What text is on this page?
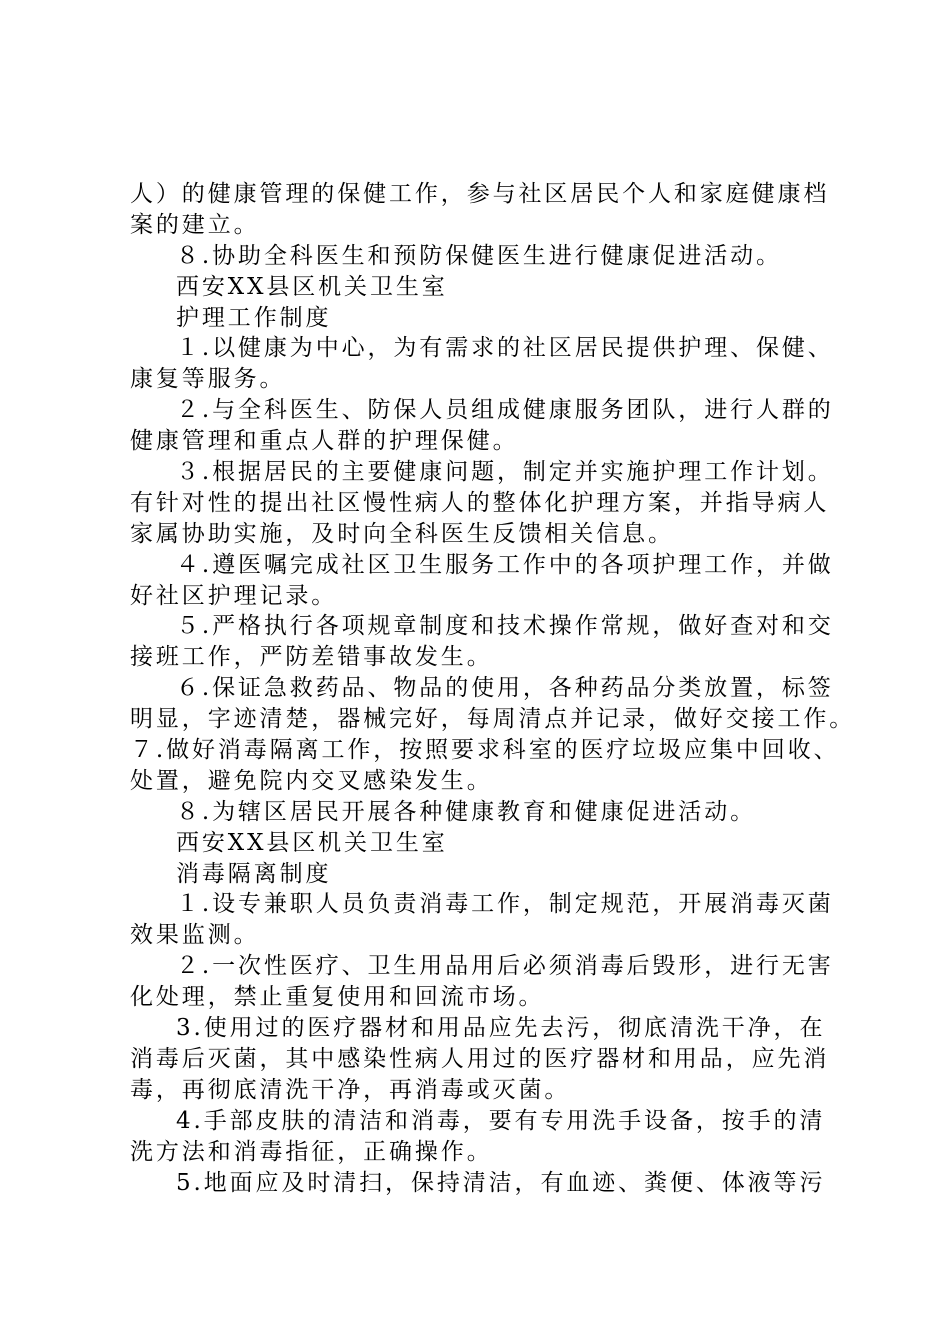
人）的健康管理的保健工作，参与社区居民个人和家庭健康档
案的建立。
８.协助全科医生和预防保健医生进行健康促进活动。
西安XX县区机关卫生室
护理工作制度
１.以健康为中心，为有需求的社区居民提供护理、保健、
康复等服务。
２.与全科医生、防保人员组成健康服务团队，进行人群的
健康管理和重点人群的护理保健。
３.根据居民的主要健康问题，制定并实施护理工作计划。
有针对性的提出社区慢性病人的整体化护理方案，并指导病人
家属协助实施，及时向全科医生反馈相关信息。
４.遵医嘱完成社区卫生服务工作中的各项护理工作，并做
好社区护理记录。
５.严格执行各项规章制度和技术操作常规，做好查对和交
接班工作，严防差错事故发生。
６.保证急救药品、物品的使用，各种药品分类放置，标签
明显，字迹清楚，器械完好，每周清点并记录，做好交接工作。
７.做好消毒隔离工作，按照要求科室的医疗垃圾应集中回收、
处置，避免院内交叉感染发生。
８.为辖区居民开展各种健康教育和健康促进活动。
西安XX县区机关卫生室
消毒隔离制度
１.设专兼职人员负责消毒工作，制定规范，开展消毒灭菌
效果监测。
２.一次性医疗、卫生用品用后必须消毒后毁形，进行无害
化处理，禁止重复使用和回流市场。
3.使用过的医疗器材和用品应先去污，彻底清洗干净，在
消毒后灭菌，其中感染性病人用过的医疗器材和用品，应先消
毒，再彻底清洗干净，再消毒或灭菌。
4.手部皮肤的清洁和消毒，要有专用洗手设备，按手的清
洗方法和消毒指征，正确操作。
5.地面应及时清扫，保持清洁，有血迹、粪便、体液等污
